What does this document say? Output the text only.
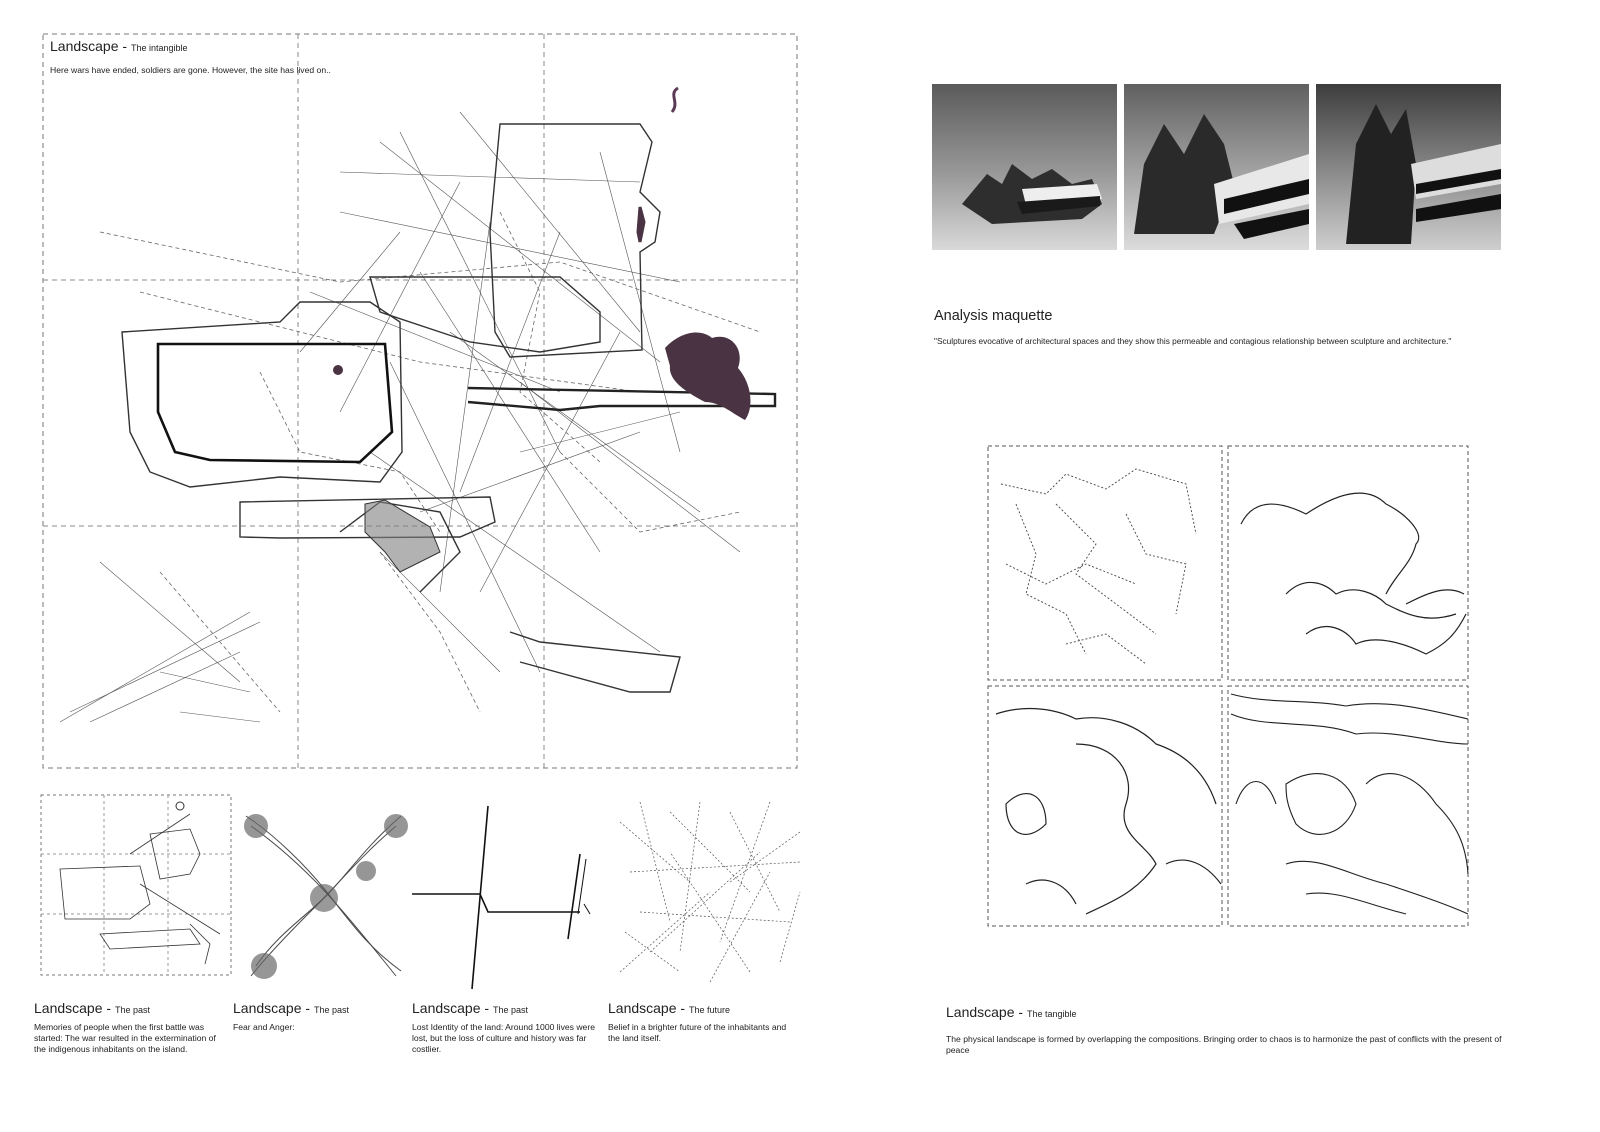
Landscape - The intangible
Here wars have ended, soldiers are gone. However, the site has lived on..
Analysis maquette
"Sculptures evocative of architectural spaces and they show this permeable and contagious relationship between sculpture and architecture."
Landscape - The tangible
The physical landscape is formed by overlapping the compositions. Bringing order to chaos is to harmonize the past of conflicts with the present of peace
Landscape - The past
Memories of people when the first battle was started: The war resulted in the extermination of the indigenous inhabitants on the island.
Landscape - The past
Fear and Anger:
Landscape - The past
Lost Identity of the land: Around 1000 lives were lost, but the loss of culture and history was far costlier.
Landscape - The future
Belief in a brighter future of the inhabitants and the land itself.
